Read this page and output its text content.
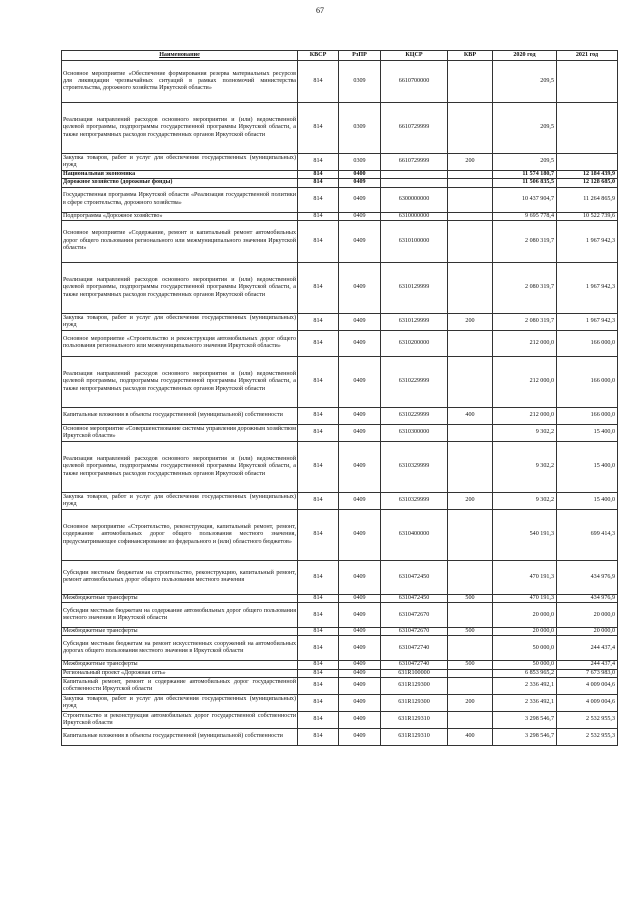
67
Наименование	КВСР	РзПР	КЦСР	КВР	2020 год	2021 год
Основное мероприятие «Обеспечение формирования резерва материальных ресурсов для ликвидации чрезвычайных ситуаций в рамках полномочий министерства строительства, дорожного хозяйства Иркутской области»	814	0309	6610700000		209,5	
Реализация направлений расходов основного мероприятия и (или) ведомственной целевой программы, подпрограммы государственной программы Иркутской области, а также непрограммных расходов государственных органов Иркутской области	814	0309	6610729999		209,5	
Закупка товаров, работ и услуг для обеспечения государственных (муниципальных) нужд	814	0309	6610729999	200	209,5	
Национальная экономика	814	0400			11 574 180,7	12 184 439,9
Дорожное хозяйство (дорожные фонды)	814	0409			11 506 835,5	12 128 685,0
Государственная программа Иркутской области «Реализация государственной политики в сфере строительства, дорожного хозяйства»	814	0409	6300000000		10 437 904,7	11 264 865,9
Подпрограмма «Дорожное хозяйство»	814	0409	6310000000		9 695 778,4	10 522 739,6
Основное мероприятие «Содержание, ремонт и капитальный ремонт автомобильных дорог общего пользования регионального или межмуниципального значения Иркутской области»	814	0409	6310100000		2 080 319,7	1 967 942,3
Реализация направлений расходов основного мероприятия и (или) ведомственной целевой программы, подпрограммы государственной программы Иркутской области, а также непрограммных расходов государственных органов Иркутской области	814	0409	6310129999		2 080 319,7	1 967 942,3
Закупка товаров, работ и услуг для обеспечения государственных (муниципальных) нужд	814	0409	6310129999	200	2 080 319,7	1 967 942,3
Основное мероприятие «Строительство и реконструкция автомобильных дорог общего пользования регионального или межмуниципального значения Иркутской области»	814	0409	6310200000		212 000,0	166 000,0
Реализация направлений расходов основного мероприятия и (или) ведомственной целевой программы, подпрограммы государственной программы Иркутской области, а также непрограммных расходов государственных органов Иркутской области	814	0409	6310229999		212 000,0	166 000,0
Капитальные вложения в объекты государственной (муниципальной) собственности	814	0409	6310229999	400	212 000,0	166 000,0
Основное мероприятие «Совершенствование системы управления дорожным хозяйством Иркутской области»	814	0409	6310300000		9 302,2	15 400,0
Реализация направлений расходов основного мероприятия и (или) ведомственной целевой программы, подпрограммы государственной программы Иркутской области, а также непрограммных расходов государственных органов Иркутской области	814	0409	6310329999		9 302,2	15 400,0
Закупка товаров, работ и услуг для обеспечения государственных (муниципальных) нужд	814	0409	6310329999	200	9 302,2	15 400,0
Основное мероприятие «Строительство, реконструкция, капитальный ремонт, ремонт, содержание автомобильных дорог общего пользования местного значения, предусматривающее софинансирование из федерального и (или) областного бюджетов»	814	0409	6310400000		540 191,3	699 414,3
Субсидии местным бюджетам на строительство, реконструкцию, капитальный ремонт, ремонт автомобильных дорог общего пользования местного значения	814	0409	6310472450		470 191,3	434 976,9
Межбюджетные трансферты	814	0409	6310472450	500	470 191,3	434 976,9
Субсидии местным бюджетам на содержание автомобильных дорог общего пользования местного значения в Иркутской области	814	0409	6310472670		20 000,0	20 000,0
Межбюджетные трансферты	814	0409	6310472670	500	20 000,0	20 000,0
Субсидии местным бюджетам на ремонт искусственных сооружений на автомобильных дорогах общего пользования местного значения в Иркутской области	814	0409	6310472740		50 000,0	244 437,4
Межбюджетные трансферты	814	0409	6310472740	500	50 000,0	244 437,4
Региональный проект «Дорожная сеть»	814	0409	631R100000		6 853 965,2	7 673 983,0
Капитальный ремонт, ремонт и содержание автомобильных дорог государственной собственности Иркутской области	814	0409	631R129300		2 336 492,1	4 009 004,6
Закупка товаров, работ и услуг для обеспечения государственных (муниципальных) нужд	814	0409	631R129300	200	2 336 492,1	4 009 004,6
Строительство и реконструкция автомобильных дорог государственной собственности Иркутской области	814	0409	631R129310		3 298 546,7	2 532 955,3
Капитальные вложения в объекты государственной (муниципальной) собственности	814	0409	631R129310	400	3 298 546,7	2 532 955,3
